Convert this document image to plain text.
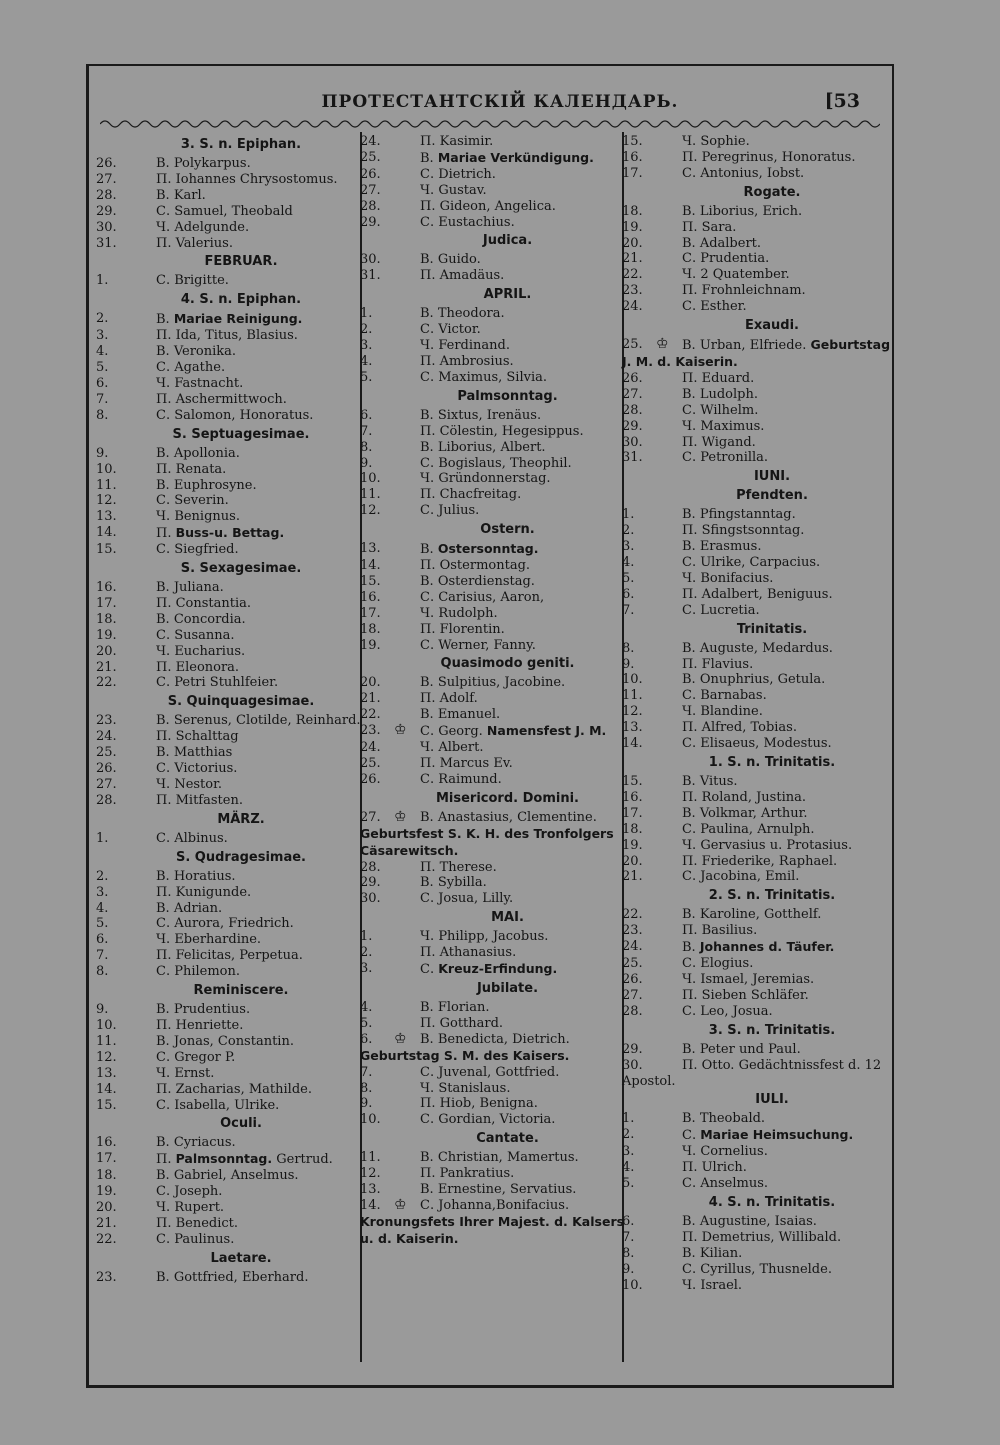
ПРОТЕСТАНТСКІЙ КАЛЕНДАРЬ.	[53
3. S. n. Epiphan.
26.	В. Polykarpus.
27.	П. Iohannes Chrysostomus.
28.	В. Karl.
29.	С. Samuel, Theobald
30.	Ч. Adelgunde.
31.	П. Valerius.
FEBRUAR.
1.	С. Brigitte.
4. S. n. Epiphan.
2.	В. Mariae Reinigung.
3.	П. Ida, Titus, Blasius.
4.	В. Veronika.
5.	С. Agathe.
6.	Ч. Fastnacht.
7.	П. Aschermittwoch.
8.	С. Salomon, Honoratus.
S. Septuagesimae.
9.	В. Apollonia.
10.	П. Renata.
11.	В. Euphrosyne.
12.	С. Severin.
13.	Ч. Benignus.
14.	П. Buss-u. Bettag.
15.	С. Siegfried.
S. Sexagesimae.
16.	В. Juliana.
17.	П. Constantia.
18.	В. Concordia.
19.	С. Susanna.
20.	Ч. Eucharius.
21.	П. Eleonora.
22.	С. Petri Stuhlfeier.
S. Quinquagesimae.
23.	В. Serenus, Clotilde, Reinhard.
24.	П. Schalttag
25.	В. Matthias
26.	С. Victorius.
27.	Ч. Nestor.
28.	П. Mitfasten.
MÄRZ.
1.	С. Albinus.
S. Qudragesimae.
2.	В. Horatius.
3.	П. Kunigunde.
4.	В. Adrian.
5.	С. Aurora, Friedrich.
6.	Ч. Eberhardine.
7.	П. Felicitas, Perpetua.
8.	С. Philemon.
Reminiscere.
9.	В. Prudentius.
10.	П. Henriette.
11.	В. Jonas, Constantin.
12.	С. Gregor P.
13.	Ч. Ernst.
14.	П. Zacharias, Mathilde.
15.	С. Isabella, Ulrike.
Oculi.
16.	В. Cyriacus.
17.	П. Palmsonntag. Gertrud.
18.	В. Gabriel, Anselmus.
19.	С. Joseph.
20.	Ч. Rupert.
21.	П. Benedict.
22.	С. Paulinus.
Laetare.
23.	В. Gottfried, Eberhard.
24.	П. Kasimir.
25.	В. Mariae Verkündigung.
26.	С. Dietrich.
27.	Ч. Gustav.
28.	П. Gideon, Angelica.
29.	С. Eustachius.
Judica.
30.	В. Guido.
31.	П. Amadäus.
APRIL.
1.	В. Theodora.
2.	С. Victor.
3.	Ч. Ferdinand.
4.	П. Ambrosius.
5.	С. Maximus, Silvia.
Palmsonntag.
6.	В. Sixtus, Irenäus.
7.	П. Cölestin, Hegesippus.
8.	В. Liborius, Albert.
9.	С. Bogislaus, Theophil.
10.	Ч. Gründonnerstag.
11.	П. Chacfreitag.
12.	С. Julius.
Ostern.
13.	В. Ostersonntag.
14.	П. Ostermontag.
15.	В. Osterdienstag.
16.	С. Carisius, Aaron,
17.	Ч. Rudolph.
18.	П. Florentin.
19.	С. Werner, Fanny.
Quasimodo geniti.
20.	В. Sulpitius, Jacobine.
21.	П. Adolf.
22.	В. Emanuel.
23. ♔ С. Georg. Namensfest J. M.
24.	Ч. Albert.
25.	П. Marcus Ev.
26.	С. Raimund.
Misericord. Domini.
27. ♔ В. Anastasius, Clementine. Geburtsfest S. K. H. des Tronfolgers Cäsarewitsch.
28.	П. Therese.
29.	В. Sybilla.
30.	С. Josua, Lilly.
MAI.
1.	Ч. Philipp, Jacobus.
2.	П. Athanasius.
3.	С. Kreuz-Erfindung.
Jubilate.
4.	В. Florian.
5.	П. Gotthard.
6.	♔ В. Benedicta, Dietrich. Geburtstag S. M. des Kaisers.
7.	С. Juvenal, Gottfried.
8.	Ч. Stanislaus.
9.	П. Hiob, Benigna.
10.	С. Gordian, Victoria.
Cantate.
11.	В. Christian, Mamertus.
12.	П. Pankratius.
13.	В. Ernestine, Servatius.
14. ♔ С. Johanna,Bonifacius. Kronungsfets Ihrer Majest. d. Kalsers u. d. Kaiserin.
15.	Ч. Sophie.
16.	П. Peregrinus, Honoratus.
17.	С. Antonius, Iobst.
Rogate.
18.	В. Liborius, Erich.
19.	П. Sara.
20.	В. Adalbert.
21.	С. Prudentia.
22.	Ч. 2 Quatember.
23.	П. Frohnleichnam.
24.	С. Esther.
Exaudi.
25. ♔ В. Urban, Elfriede. Geburtstag J. M. d. Kaiserin.
26.	П. Eduard.
27.	В. Ludolph.
28.	С. Wilhelm.
29.	Ч. Maximus.
30.	П. Wigand.
31.	С. Petronilla.
IUNI.
Pfendten.
1.	В. Pfingstanntag.
2.	П. Sfingstsonntag.
3.	В. Erasmus.
4.	С. Ulrike, Carpacius.
5.	Ч. Bonifacius.
6.	П. Adalbert, Beniguus.
7.	С. Lucretia.
Trinitatis.
8.	В. Auguste, Medardus.
9.	П. Flavius.
10.	В. Onuphrius, Getula.
11.	С. Barnabas.
12.	Ч. Blandine.
13.	П. Alfred, Tobias.
14.	С. Elisaeus, Modestus.
1. S. n. Trinitatis.
15.	В. Vitus.
16.	П. Roland, Justina.
17.	В. Volkmar, Arthur.
18.	С. Paulina, Arnulph.
19.	Ч. Gervasius u. Protasius.
20.	П. Friederike, Raphael.
21.	С. Jacobina, Emil.
2. S. n. Trinitatis.
22.	В. Karoline, Gotthelf.
23.	П. Basilius.
24.	В. Johannes d. Täufer.
25.	С. Elogius.
26.	Ч. Ismael, Jeremias.
27.	П. Sieben Schläfer.
28.	С. Leo, Josua.
3. S. n. Trinitatis.
29.	В. Peter und Paul.
30.	П. Otto. Gedächtnissfest d. 12 Apostol.
IULI.
1.	В. Theobald.
2.	С. Mariae Heimsuchung.
3.	Ч. Cornelius.
4.	П. Ulrich.
5.	С. Anselmus.
4. S. n. Trinitatis.
6.	В. Augustine, Isaias.
7.	П. Demetrius, Willibald.
8.	В. Kilian.
9.	С. Cyrillus, Thusnelde.
10.	Ч. Israel.
